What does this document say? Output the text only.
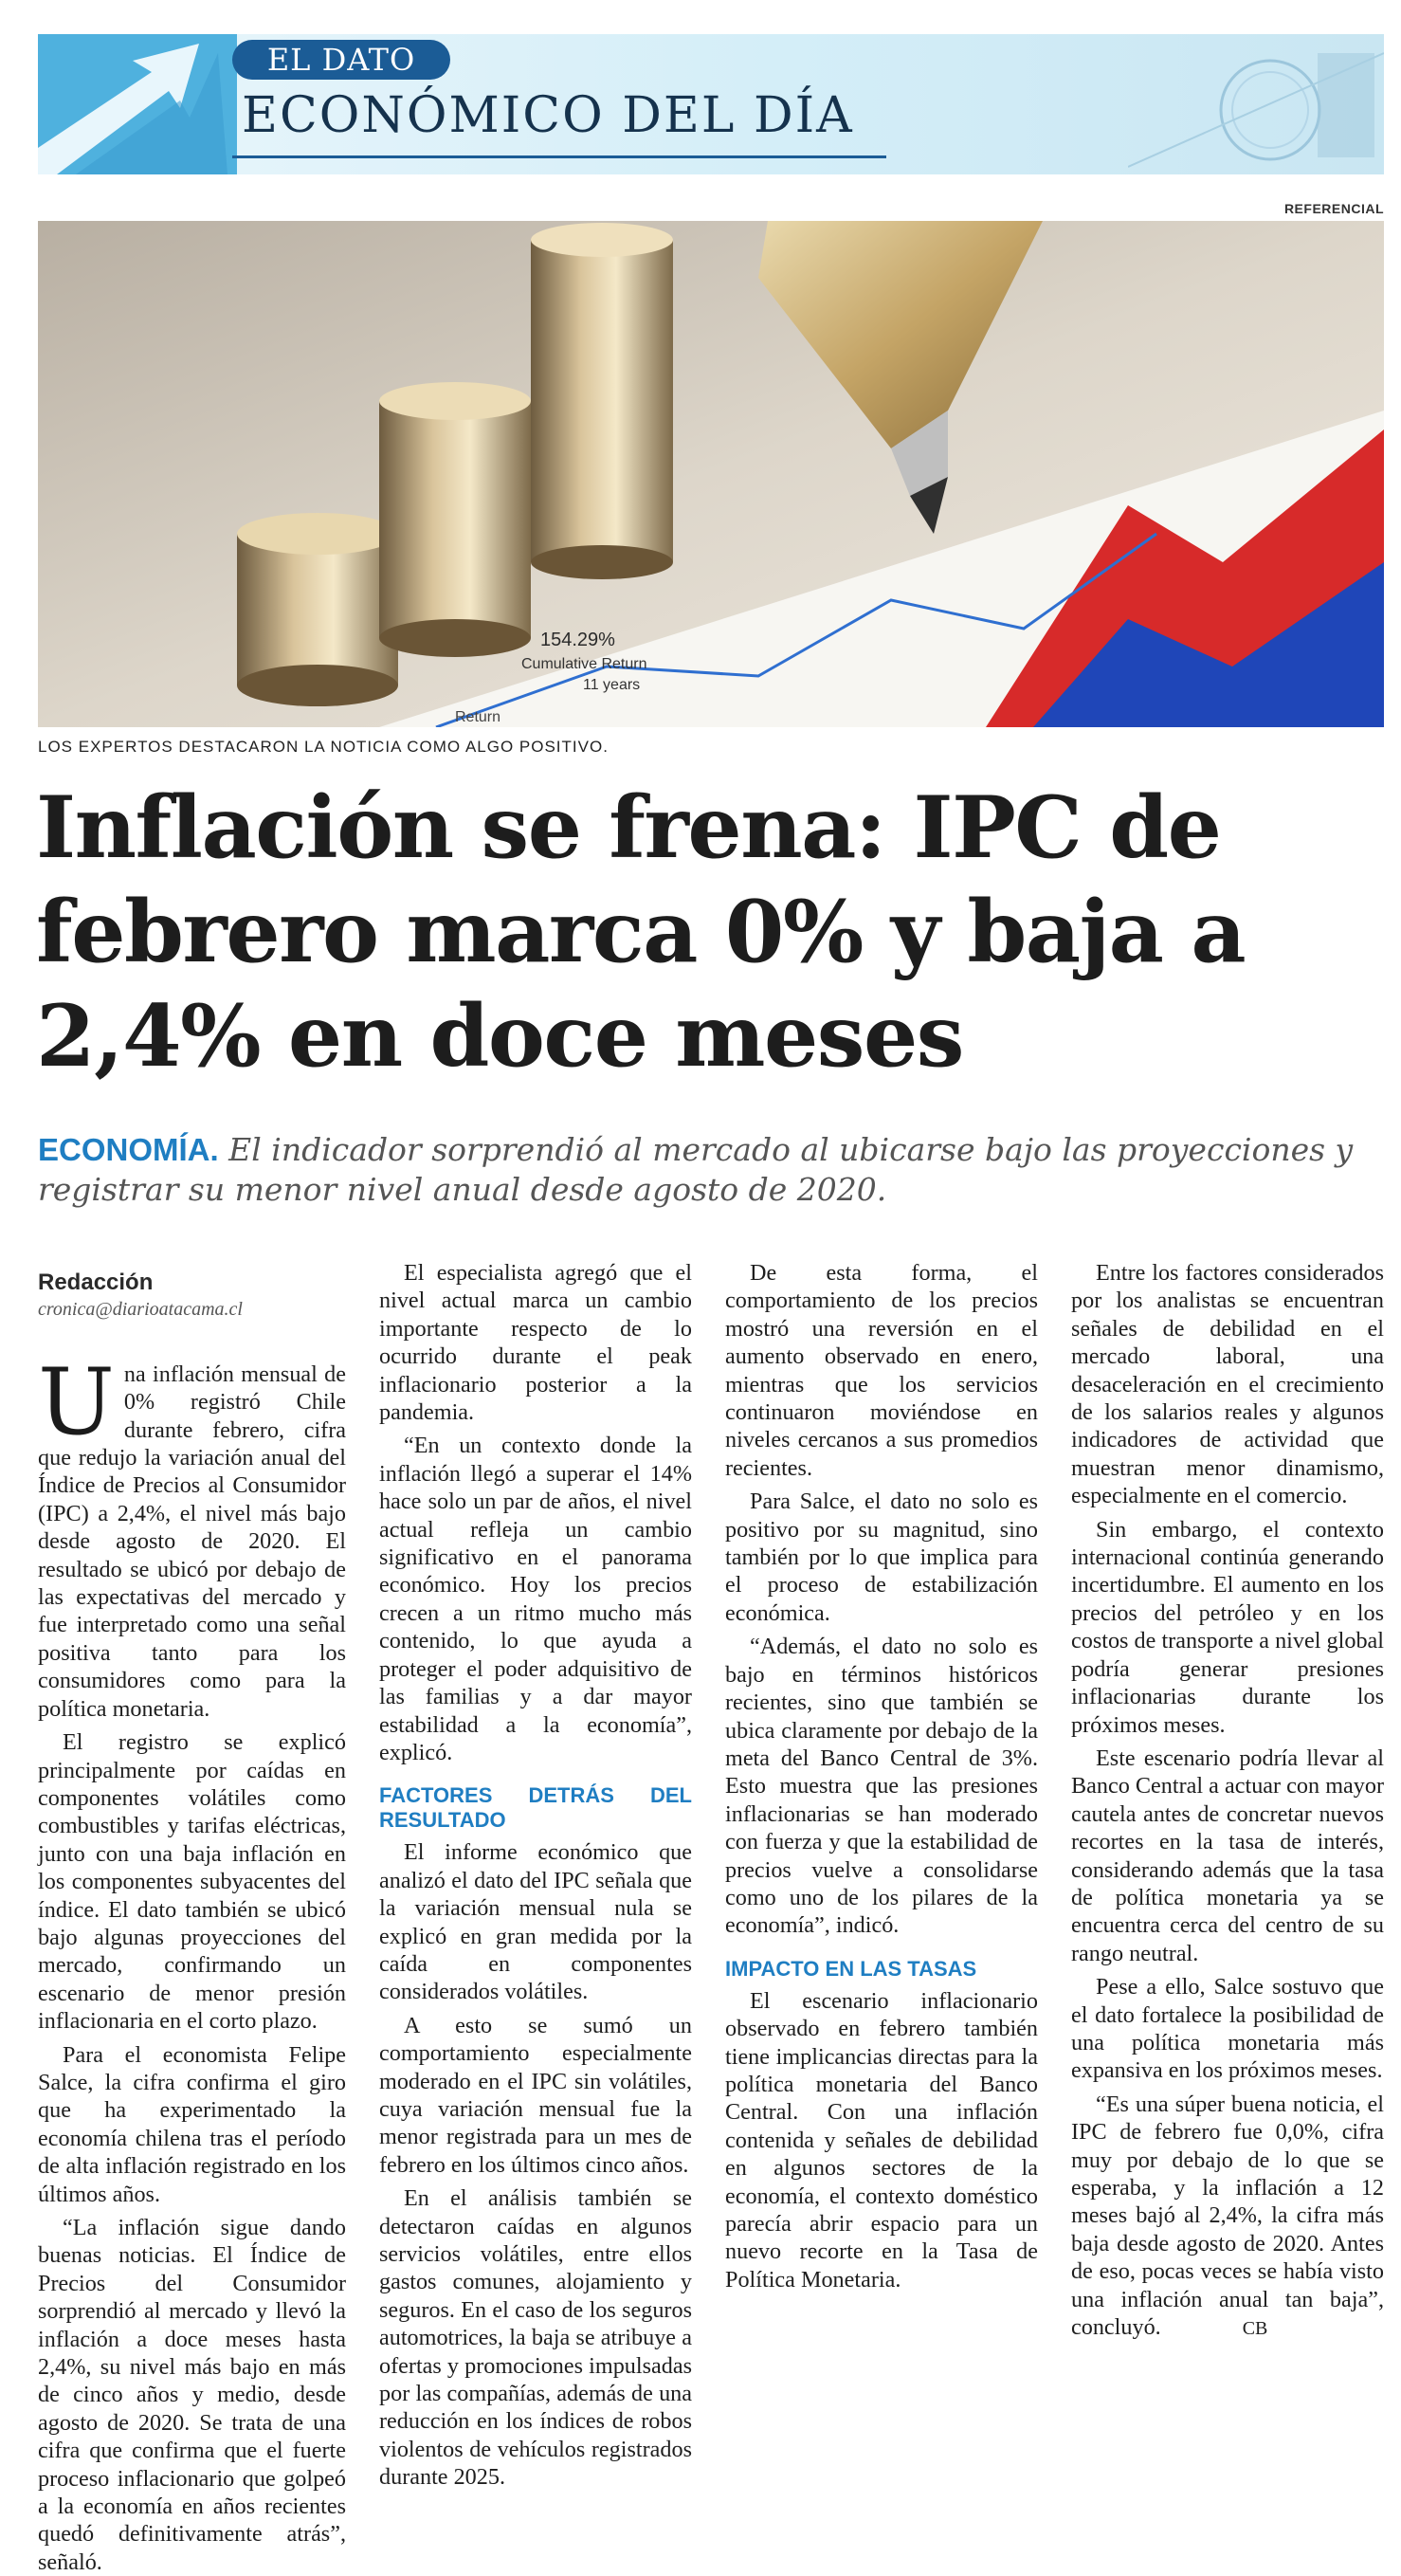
EL DATO
ECONÓMICO DEL DÍA
REFERENCIAL
154.29%
Cumulative Return
11 years
Return
LOS EXPERTOS DESTACARON LA NOTICIA COMO ALGO POSITIVO.
Inflación se frena: IPC de febrero marca 0% y baja a 2,4% en doce meses
ECONOMÍA. El indicador sorprendió al mercado al ubicarse bajo las proyecciones y registrar su menor nivel anual desde agosto de 2020.
Redacción
cronica@diarioatacama.cl

Una inflación mensual de 0% registró Chile durante febrero, cifra que redujo la variación anual del Índice de Precios al Consumidor (IPC) a 2,4%, el nivel más bajo desde agosto de 2020. El resultado se ubicó por debajo de las expectativas del mercado y fue interpretado como una señal positiva tanto para los consumidores como para la política monetaria.

El registro se explicó principalmente por caídas en componentes volátiles como combustibles y tarifas eléctricas, junto con una baja inflación en los componentes subyacentes del índice. El dato también se ubicó bajo algunas proyecciones del mercado, confirmando un escenario de menor presión inflacionaria en el corto plazo.

Para el economista Felipe Salce, la cifra confirma el giro que ha experimentado la economía chilena tras el período de alta inflación registrado en los últimos años.

“La inflación sigue dando buenas noticias. El Índice de Precios del Consumidor sorprendió al mercado y llevó la inflación a doce meses hasta 2,4%, su nivel más bajo en más de cinco años y medio, desde agosto de 2020. Se trata de una cifra que confirma que el fuerte proceso inflacionario que golpeó a la economía en años recientes quedó definitivamente atrás”, señaló.

El especialista agregó que el nivel actual marca un cambio importante respecto de lo ocurrido durante el peak inflacionario posterior a la pandemia.

“En un contexto donde la inflación llegó a superar el 14% hace solo un par de años, el nivel actual refleja un cambio significativo en el panorama económico. Hoy los precios crecen a un ritmo mucho más contenido, lo que ayuda a proteger el poder adquisitivo de las familias y a dar mayor estabilidad a la economía”, explicó.

FACTORES DETRÁS DEL RESULTADO

El informe económico que analizó el dato del IPC señala que la variación mensual nula se explicó en gran medida por la caída en componentes considerados volátiles.

A esto se sumó un comportamiento especialmente moderado en el IPC sin volátiles, cuya variación mensual fue la menor registrada para un mes de febrero en los últimos cinco años.

En el análisis también se detectaron caídas en algunos servicios volátiles, entre ellos gastos comunes, alojamiento y seguros. En el caso de los seguros automotrices, la baja se atribuye a ofertas y promociones impulsadas por las compañías, además de una reducción en los índices de robos violentos de vehículos registrados durante 2025.

De esta forma, el comportamiento de los precios mostró una reversión en el aumento observado en enero, mientras que los servicios continuaron moviéndose en niveles cercanos a sus promedios recientes.

Para Salce, el dato no solo es positivo por su magnitud, sino también por lo que implica para el proceso de estabilización económica.

“Además, el dato no solo es bajo en términos históricos recientes, sino que también se ubica claramente por debajo de la meta del Banco Central de 3%. Esto muestra que las presiones inflacionarias se han moderado con fuerza y que la estabilidad de precios vuelve a consolidarse como uno de los pilares de la economía”, indicó.

IMPACTO EN LAS TASAS

El escenario inflacionario observado en febrero también tiene implicancias directas para la política monetaria del Banco Central. Con una inflación contenida y señales de debilidad en algunos sectores de la economía, el contexto doméstico parecía abrir espacio para un nuevo recorte en la Tasa de Política Monetaria.

Entre los factores considerados por los analistas se encuentran señales de debilidad en el mercado laboral, una desaceleración en el crecimiento de los salarios reales y algunos indicadores de actividad que muestran menor dinamismo, especialmente en el comercio.

Sin embargo, el contexto internacional continúa generando incertidumbre. El aumento en los precios del petróleo y en los costos de transporte a nivel global podría generar presiones inflacionarias durante los próximos meses.

Este escenario podría llevar al Banco Central a actuar con mayor cautela antes de concretar nuevos recortes en la tasa de interés, considerando además que la tasa de política monetaria ya se encuentra cerca del centro de su rango neutral.

Pese a ello, Salce sostuvo que el dato fortalece la posibilidad de una política monetaria más expansiva en los próximos meses.

“Es una súper buena noticia, el IPC de febrero fue 0,0%, cifra muy por debajo de lo que se esperaba, y la inflación a 12 meses bajó al 2,4%, la cifra más baja desde agosto de 2020. Antes de eso, pocas veces se había visto una inflación anual tan baja”, concluyó.	CB
